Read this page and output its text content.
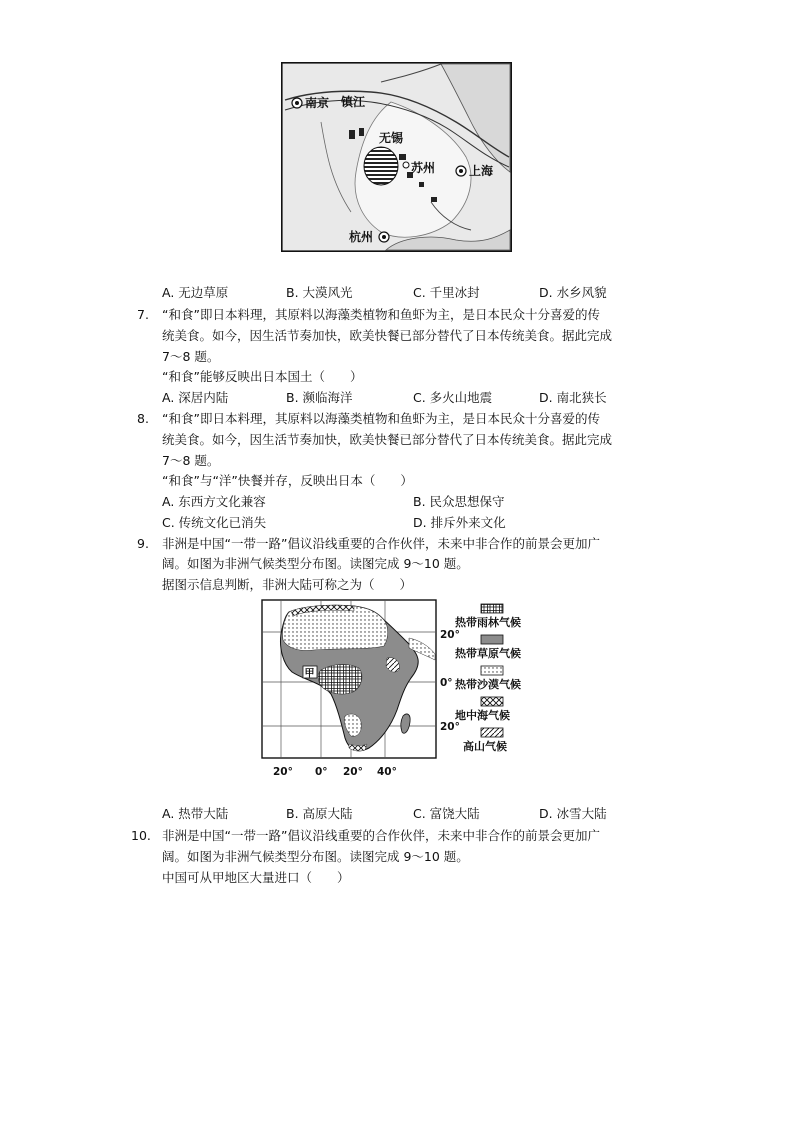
南京 镇江
无锡
苏州	上海
杭州
A. 无边草原	B. 大漠风光	C. 千里冰封	D. 水乡风貌
7. “和食”即日本料理，其原料以海藻类植物和鱼虾为主，是日本民众十分喜爱的传
统美食。如今，因生活节奏加快，欧美快餐已部分替代了日本传统美食。据此完成
7～8 题。
“和食”能够反映出日本国土（　　）
A. 深居内陆	B. 濒临海洋	C. 多火山地震	D. 南北狭长
8. “和食”即日本料理，其原料以海藻类植物和鱼虾为主，是日本民众十分喜爱的传
统美食。如今，因生活节奏加快，欧美快餐已部分替代了日本传统美食。据此完成
7～8 题。
“和食”与“洋”快餐并存，反映出日本（　　）
A. 东西方文化兼容	B. 民众思想保守
C. 传统文化已消失	D. 排斥外来文化
9. 非洲是中国“一带一路”倡议沿线重要的合作伙伴，未来中非合作的前景会更加广
阔。如图为非洲气候类型分布图。读图完成 9～10 题。
据图示信息判断，非洲大陆可称之为（　　）
甲
20°
0°
20°
20° 0° 20° 40°
热带雨林气候
热带草原气候
热带沙漠气候
地中海气候
高山气候
A. 热带大陆	B. 高原大陆	C. 富饶大陆	D. 冰雪大陆
10. 非洲是中国“一带一路”倡议沿线重要的合作伙伴，未来中非合作的前景会更加广
阔。如图为非洲气候类型分布图。读图完成 9～10 题。
中国可从甲地区大量进口（　　）
